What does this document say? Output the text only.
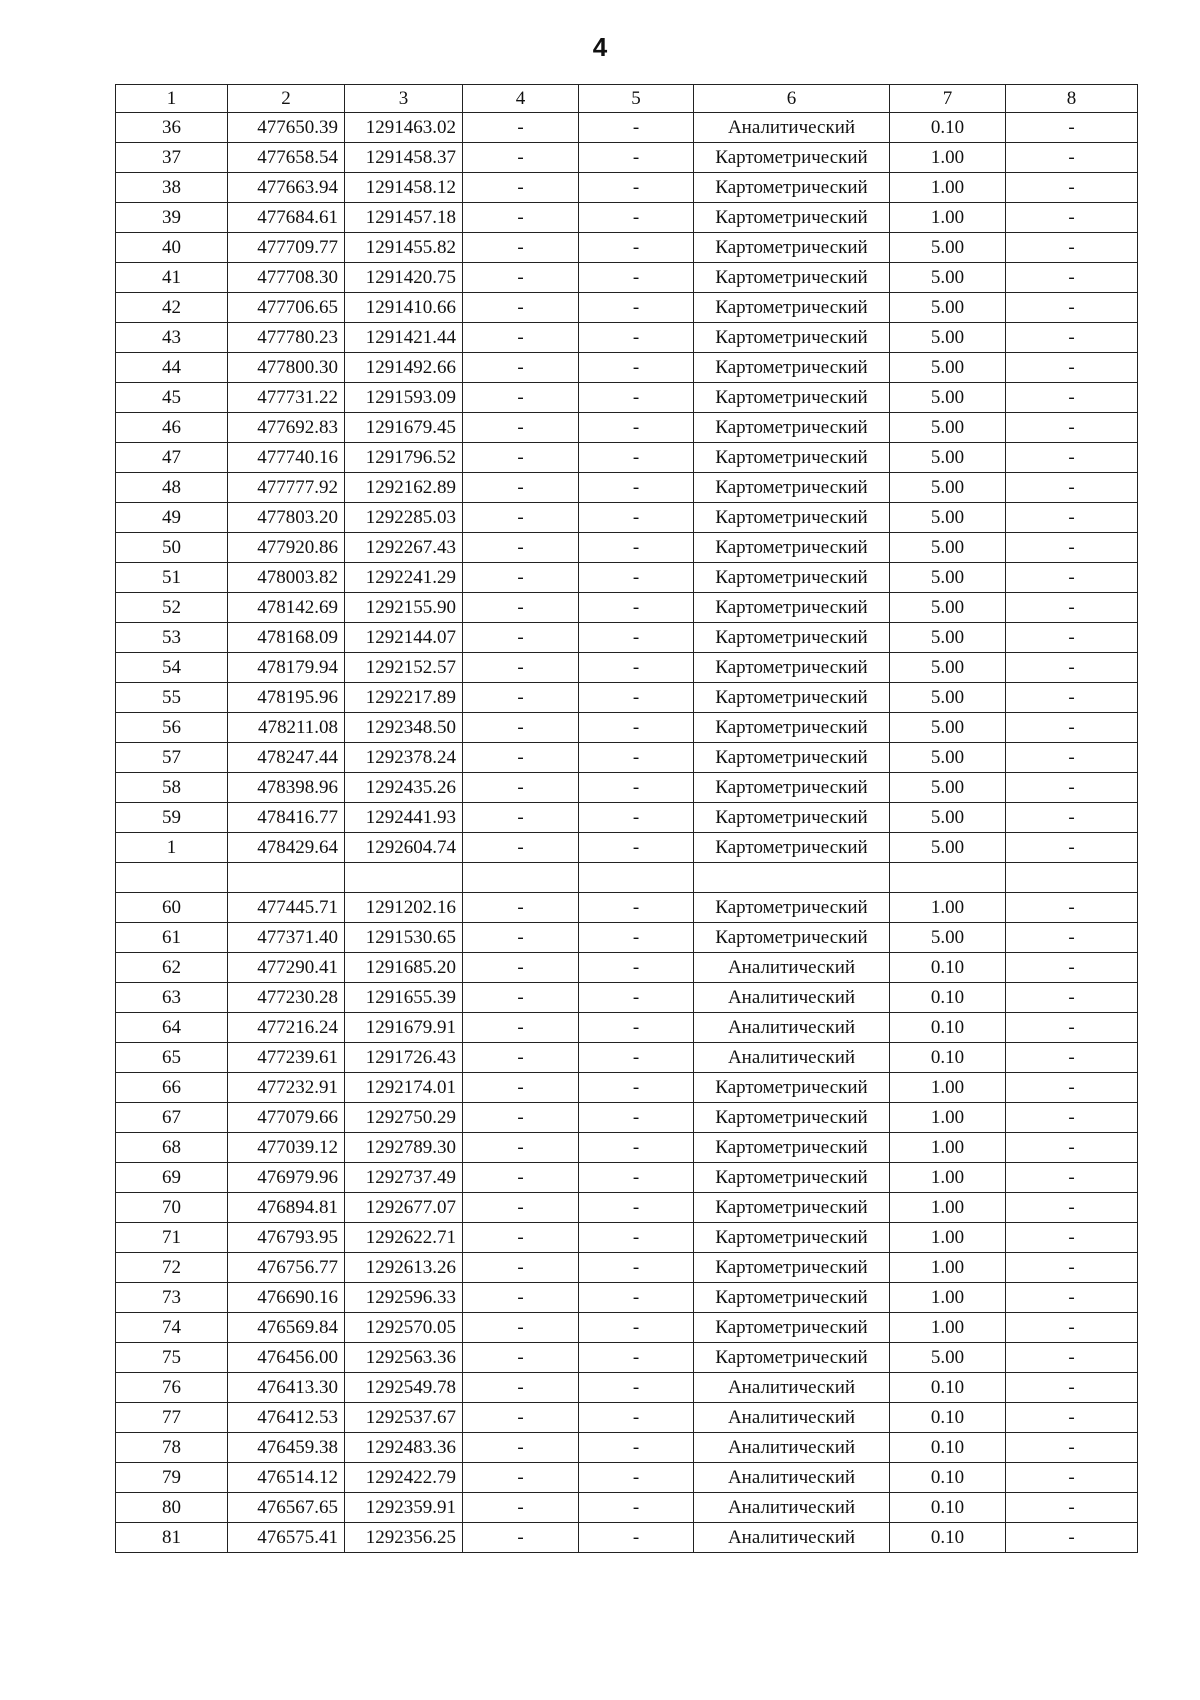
4
1	2	3	4	5	6	7	8
36	477650.39	1291463.02	-	-	Аналитический	0.10	-
37	477658.54	1291458.37	-	-	Картометрический	1.00	-
38	477663.94	1291458.12	-	-	Картометрический	1.00	-
39	477684.61	1291457.18	-	-	Картометрический	1.00	-
40	477709.77	1291455.82	-	-	Картометрический	5.00	-
41	477708.30	1291420.75	-	-	Картометрический	5.00	-
42	477706.65	1291410.66	-	-	Картометрический	5.00	-
43	477780.23	1291421.44	-	-	Картометрический	5.00	-
44	477800.30	1291492.66	-	-	Картометрический	5.00	-
45	477731.22	1291593.09	-	-	Картометрический	5.00	-
46	477692.83	1291679.45	-	-	Картометрический	5.00	-
47	477740.16	1291796.52	-	-	Картометрический	5.00	-
48	477777.92	1292162.89	-	-	Картометрический	5.00	-
49	477803.20	1292285.03	-	-	Картометрический	5.00	-
50	477920.86	1292267.43	-	-	Картометрический	5.00	-
51	478003.82	1292241.29	-	-	Картометрический	5.00	-
52	478142.69	1292155.90	-	-	Картометрический	5.00	-
53	478168.09	1292144.07	-	-	Картометрический	5.00	-
54	478179.94	1292152.57	-	-	Картометрический	5.00	-
55	478195.96	1292217.89	-	-	Картометрический	5.00	-
56	478211.08	1292348.50	-	-	Картометрический	5.00	-
57	478247.44	1292378.24	-	-	Картометрический	5.00	-
58	478398.96	1292435.26	-	-	Картометрический	5.00	-
59	478416.77	1292441.93	-	-	Картометрический	5.00	-
1	478429.64	1292604.74	-	-	Картометрический	5.00	-

60	477445.71	1291202.16	-	-	Картометрический	1.00	-
61	477371.40	1291530.65	-	-	Картометрический	5.00	-
62	477290.41	1291685.20	-	-	Аналитический	0.10	-
63	477230.28	1291655.39	-	-	Аналитический	0.10	-
64	477216.24	1291679.91	-	-	Аналитический	0.10	-
65	477239.61	1291726.43	-	-	Аналитический	0.10	-
66	477232.91	1292174.01	-	-	Картометрический	1.00	-
67	477079.66	1292750.29	-	-	Картометрический	1.00	-
68	477039.12	1292789.30	-	-	Картометрический	1.00	-
69	476979.96	1292737.49	-	-	Картометрический	1.00	-
70	476894.81	1292677.07	-	-	Картометрический	1.00	-
71	476793.95	1292622.71	-	-	Картометрический	1.00	-
72	476756.77	1292613.26	-	-	Картометрический	1.00	-
73	476690.16	1292596.33	-	-	Картометрический	1.00	-
74	476569.84	1292570.05	-	-	Картометрический	1.00	-
75	476456.00	1292563.36	-	-	Картометрический	5.00	-
76	476413.30	1292549.78	-	-	Аналитический	0.10	-
77	476412.53	1292537.67	-	-	Аналитический	0.10	-
78	476459.38	1292483.36	-	-	Аналитический	0.10	-
79	476514.12	1292422.79	-	-	Аналитический	0.10	-
80	476567.65	1292359.91	-	-	Аналитический	0.10	-
81	476575.41	1292356.25	-	-	Аналитический	0.10	-
